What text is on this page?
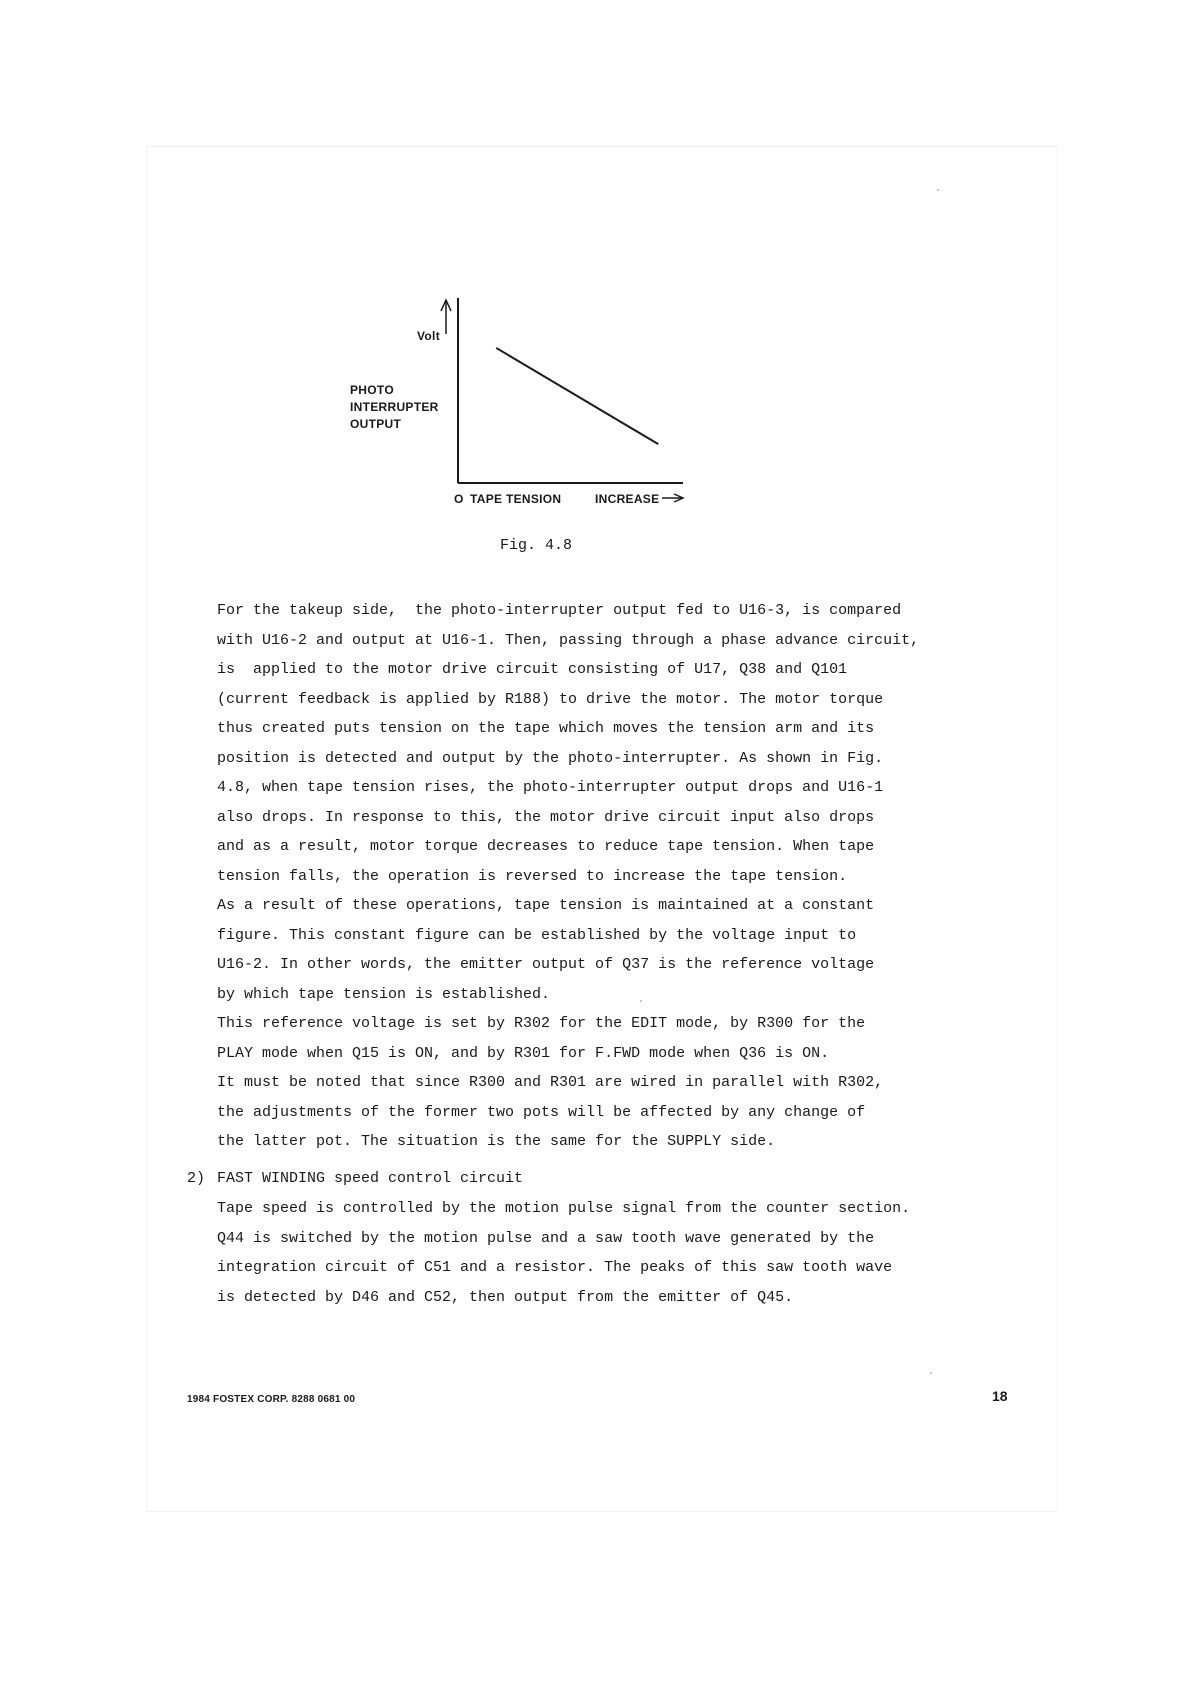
Volt
PHOTO
INTERRUPTER
OUTPUT
O TAPE TENSION	INCREASE
Fig. 4.8
For the takeup side,  the photo-interrupter output fed to U16-3, is compared
with U16-2 and output at U16-1. Then, passing through a phase advance circuit,
is  applied to the motor drive circuit consisting of U17, Q38 and Q101
(current feedback is applied by R188) to drive the motor. The motor torque
thus created puts tension on the tape which moves the tension arm and its
position is detected and output by the photo-interrupter. As shown in Fig.
4.8, when tape tension rises, the photo-interrupter output drops and U16-1
also drops. In response to this, the motor drive circuit input also drops
and as a result, motor torque decreases to reduce tape tension. When tape
tension falls, the operation is reversed to increase the tape tension.
As a result of these operations, tape tension is maintained at a constant
figure. This constant figure can be established by the voltage input to
U16-2. In other words, the emitter output of Q37 is the reference voltage
by which tape tension is established.
This reference voltage is set by R302 for the EDIT mode, by R300 for the
PLAY mode when Q15 is ON, and by R301 for F.FWD mode when Q36 is ON.
It must be noted that since R300 and R301 are wired in parallel with R302,
the adjustments of the former two pots will be affected by any change of
the latter pot. The situation is the same for the SUPPLY side.
2) FAST WINDING speed control circuit
Tape speed is controlled by the motion pulse signal from the counter section.
Q44 is switched by the motion pulse and a saw tooth wave generated by the
integration circuit of C51 and a resistor. The peaks of this saw tooth wave
is detected by D46 and C52, then output from the emitter of Q45.
1984 FOSTEX CORP. 8288 0681 00	18
